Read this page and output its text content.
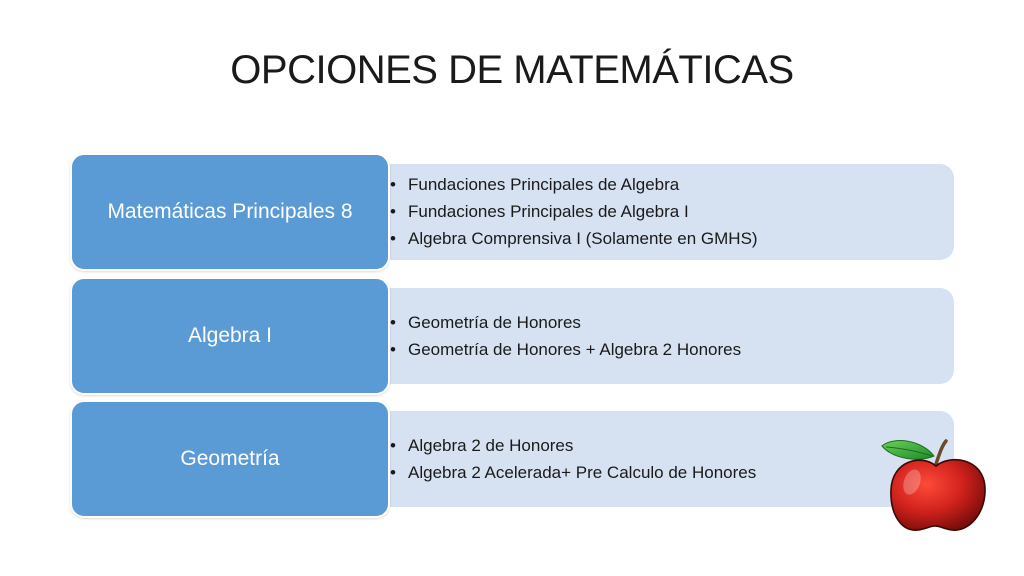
OPCIONES DE MATEMÁTICAS
• Fundaciones Principales de Algebra
• Fundaciones Principales de Algebra I
• Algebra Comprensiva I (Solamente en GMHS)
Matemáticas Principales 8
• Geometría de Honores
• Geometría de Honores + Algebra 2 Honores
Algebra I
• Algebra 2 de Honores
• Algebra 2 Acelerada+ Pre Calculo de Honores
Geometría
